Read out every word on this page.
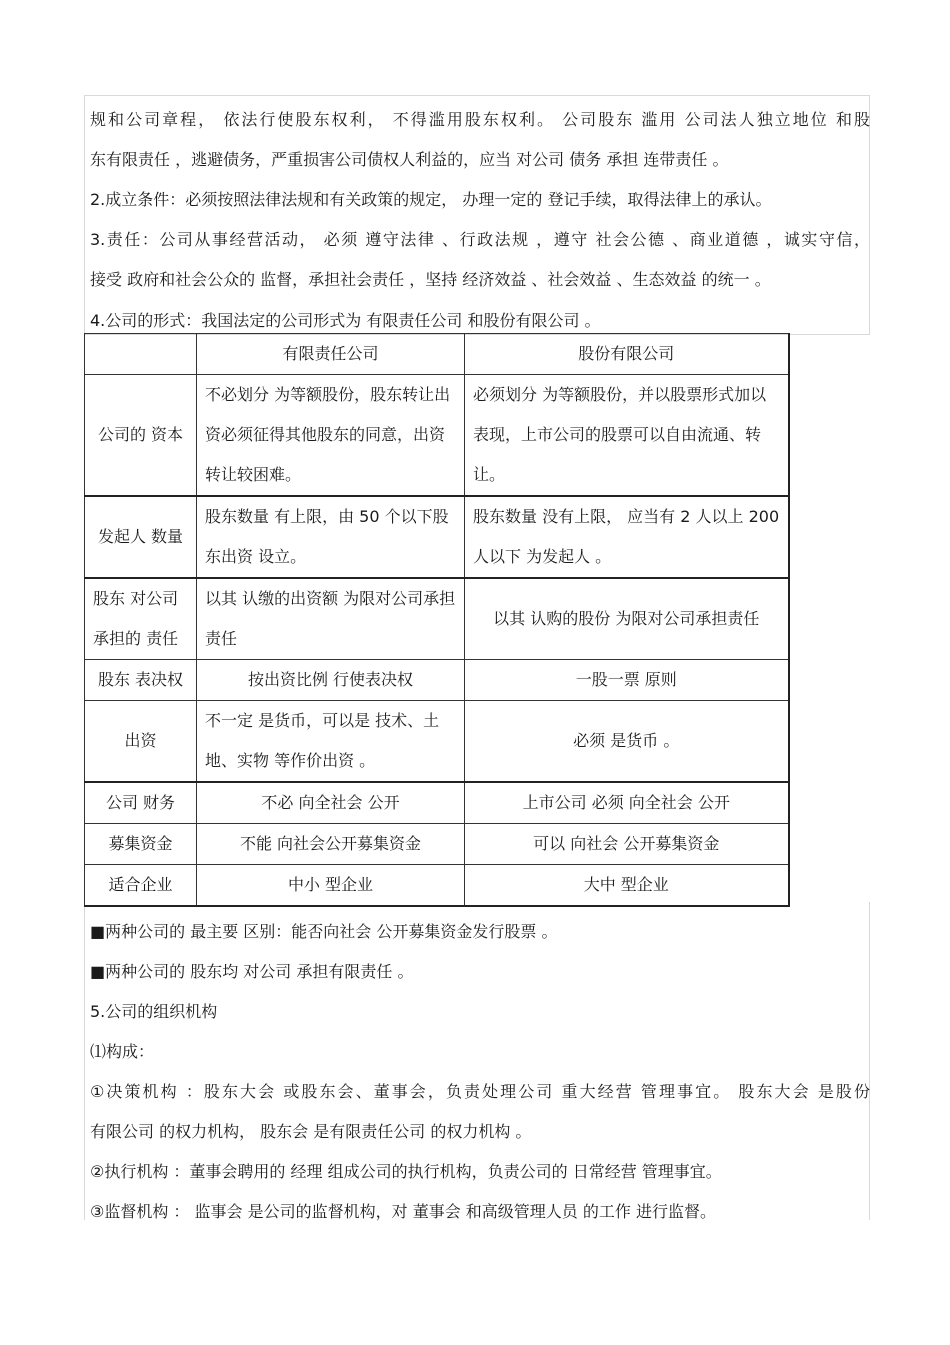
规和公司章程， 依法行使股东权利， 不得滥用股东权利。 公司股东 滥用 公司法人独立地位 和股
东有限责任 ，逃避债务，严重损害公司债权人利益的，应当 对公司 债务 承担 连带责任 。
2.成立条件：必须按照法律法规和有关政策的规定， 办理一定的 登记手续，取得法律上的承认。
3.责任：公司从事经营活动， 必须 遵守法律 、行政法规 ，遵守 社会公德 、商业道德 ，诚实守信，
接受 政府和社会公众的 监督，承担社会责任 ，坚持 经济效益 、社会效益 、生态效益 的统一 。
4.公司的形式：我国法定的公司形式为 有限责任公司 和股份有限公司 。
	有限责任公司	股份有限公司
公司的 资本	不必划分 为等额股份，股东转让出资必须征得其他股东的同意，出资转让较困难。	必须划分 为等额股份，并以股票形式加以表现，上市公司的股票可以自由流通、转让。
发起人 数量	股东数量 有上限，由 50 个以下股东出资 设立。	股东数量 没有上限， 应当有 2 人以上 200 人以下 为发起人 。
股东 对公司承担的 责任	以其 认缴的出资额 为限对公司承担责任	以其 认购的股份 为限对公司承担责任
股东 表决权	按出资比例 行使表决权	一股一票 原则
出资	不一定 是货币，可以是 技术、土地、实物 等作价出资 。	必须 是货币 。
公司 财务	不必 向全社会 公开	上市公司 必须 向全社会 公开
募集资金	不能 向社会公开募集资金	可以 向社会 公开募集资金
适合企业	中小 型企业	大中 型企业
■两种公司的 最主要 区别：能否向社会 公开募集资金发行股票 。
■两种公司的 股东均 对公司 承担有限责任 。
5.公司的组织机构
⑴构成：
①决策机构 ：股东大会 或股东会、董事会，负责处理公司 重大经营 管理事宜。 股东大会 是股份
有限公司 的权力机构， 股东会 是有限责任公司 的权力机构 。
②执行机构 ：董事会聘用的 经理 组成公司的执行机构，负责公司的 日常经营 管理事宜。
③监督机构 ： 监事会 是公司的监督机构，对 董事会 和高级管理人员 的工作 进行监督。
